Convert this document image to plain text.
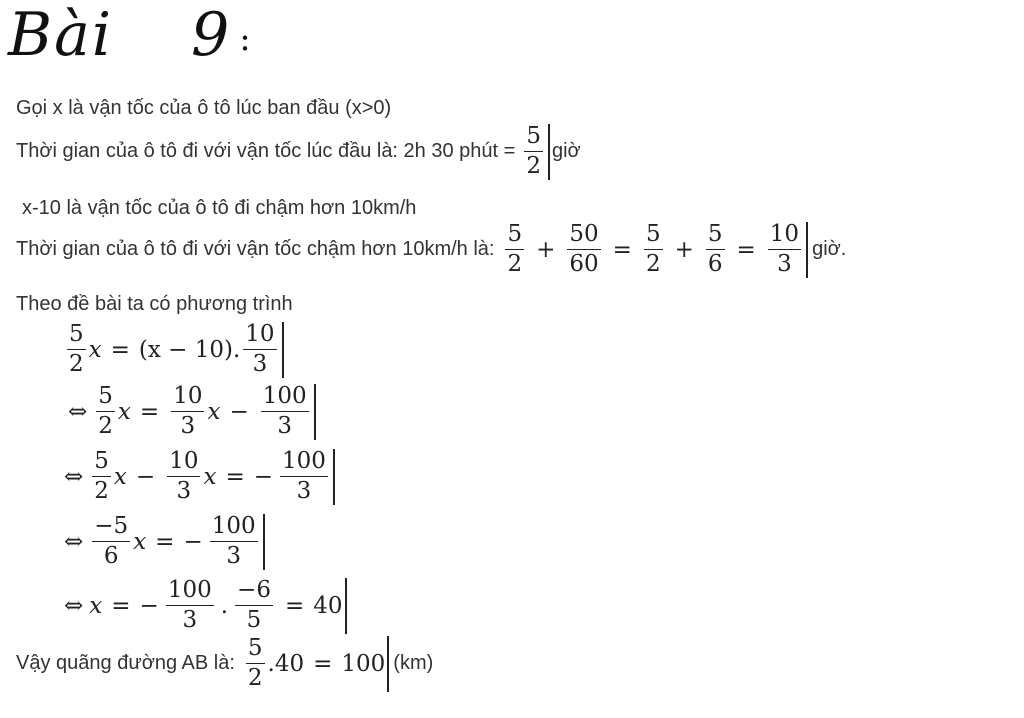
Bài 9 :
Gọi x là vận tốc của ô tô lúc ban đầu (x>0)
Thời gian của ô tô đi với vận tốc lúc đầu là: 2h 30 phút = $\frac{5}{2}$ giờ
x-10 là vận tốc của ô tô đi chậm hơn 10km/h
Thời gian của ô tô đi với vận tốc chậm hơn 10km/h là: $\frac{5}{2} + \frac{50}{60} = \frac{5}{2} + \frac{5}{6} = \frac{10}{3}$ giờ.
Theo đề bài ta có phương trình
$\frac{5}{2}$ x = (x − 10). $\frac{10}{3}$
⇔ $\frac{5}{2}$ $x = \frac{10}{3}$ $x - \frac{100}{3}$
⇔ $\frac{5}{2}$ $x - \frac{10}{3}$ x = − $\frac{100}{3}$
⇔ $\frac{-5}{6}$ x = − $\frac{100}{3}$
⇔ x = − $\frac{100}{3}$ . $\frac{-6}{5} = 40$
Vậy quãng đường AB là: $\frac{5}{2} .40 = 100$ (km)
